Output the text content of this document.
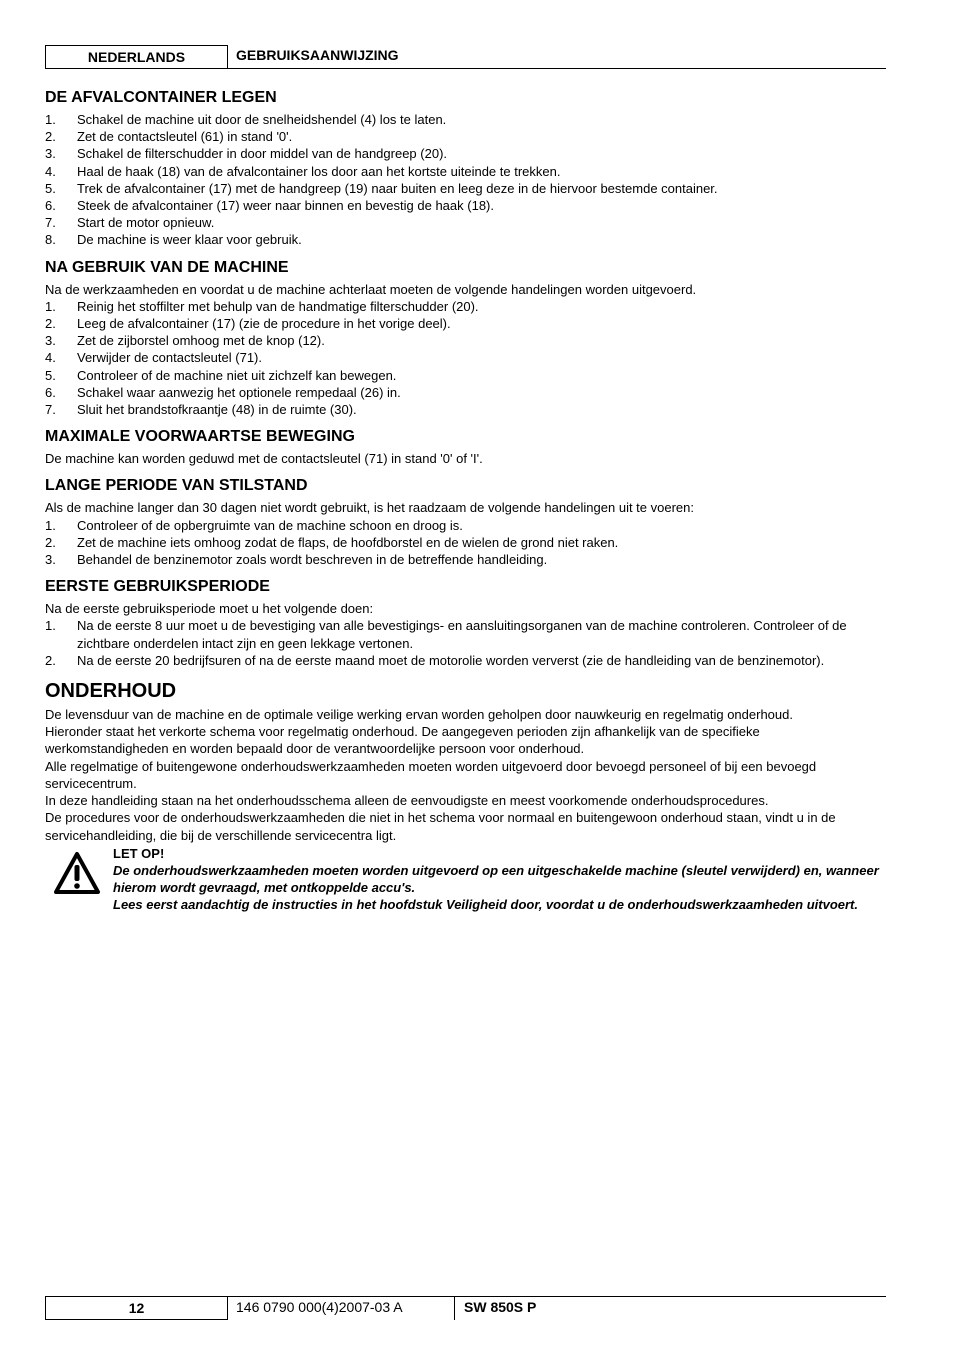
NEDERLANDS	GEBRUIKSAANWIJZING
DE AFVALCONTAINER LEGEN
1. Schakel de machine uit door de snelheidshendel (4) los te laten.
2. Zet de contactsleutel (61) in stand '0'.
3. Schakel de filterschudder in door middel van de handgreep (20).
4. Haal de haak (18) van de afvalcontainer los door aan het kortste uiteinde te trekken.
5. Trek de afvalcontainer (17) met de handgreep (19) naar buiten en leeg deze in de hiervoor bestemde container.
6. Steek de afvalcontainer (17) weer naar binnen en bevestig de haak (18).
7. Start de motor opnieuw.
8. De machine is weer klaar voor gebruik.
NA GEBRUIK VAN DE MACHINE

Na de werkzaamheden en voordat u de machine achterlaat moeten de volgende handelingen worden uitgevoerd.

1. Reinig het stoffilter met behulp van de handmatige filterschudder (20).
2. Leeg de afvalcontainer (17) (zie de procedure in het vorige deel).
3. Zet de zijborstel omhoog met de knop (12).
4. Verwijder de contactsleutel (71).
5. Controleer of de machine niet uit zichzelf kan bewegen.
6. Schakel waar aanwezig het optionele rempedaal (26) in.
7. Sluit het brandstofkraantje (48) in de ruimte (30).
MAXIMALE VOORWAARTSE BEWEGING

De machine kan worden geduwd met de contactsleutel (71) in stand '0' of 'I'.

LANGE PERIODE VAN STILSTAND

Als de machine langer dan 30 dagen niet wordt gebruikt, is het raadzaam de volgende handelingen uit te voeren:

1. Controleer of de opbergruimte van de machine schoon en droog is.
2. Zet de machine iets omhoog zodat de flaps, de hoofdborstel en de wielen de grond niet raken.
3. Behandel de benzinemotor zoals wordt beschreven in de betreffende handleiding.
EERSTE GEBRUIKSPERIODE

Na de eerste gebruiksperiode moet u het volgende doen:

1. Na de eerste 8 uur moet u de bevestiging van alle bevestigings- en aansluitingsorganen van de machine controleren. Controleer of de zichtbare onderdelen intact zijn en geen lekkage vertonen.
2. Na de eerste 20 bedrijfsuren of na de eerste maand moet de motorolie worden ververst (zie de handleiding van de benzinemotor).
ONDERHOUD

De levensduur van de machine en de optimale veilige werking ervan worden geholpen door nauwkeurig en regelmatig onderhoud.

Hieronder staat het verkorte schema voor regelmatig onderhoud. De aangegeven perioden zijn afhankelijk van de specifieke werkomstandigheden en worden bepaald door de verantwoordelijke persoon voor onderhoud.

Alle regelmatige of buitengewone onderhoudswerkzaamheden moeten worden uitgevoerd door bevoegd personeel of bij een bevoegd servicecentrum.

In deze handleiding staan na het onderhoudsschema alleen de eenvoudigste en meest voorkomende onderhoudsprocedures.

De procedures voor de onderhoudswerkzaamheden die niet in het schema voor normaal en buitengewoon onderhoud staan, vindt u in de servicehandleiding, die bij de verschillende servicecentra ligt.

LET OP!
De onderhoudswerkzaamheden moeten worden uitgevoerd op een uitgeschakelde machine (sleutel verwijderd) en, wanneer hierom wordt gevraagd, met ontkoppelde accu's.
Lees eerst aandachtig de instructies in het hoofdstuk Veiligheid door, voordat u de onderhoudswerkzaamheden uitvoert.
12	146 0790 000(4)2007-03 A	SW 850S P
